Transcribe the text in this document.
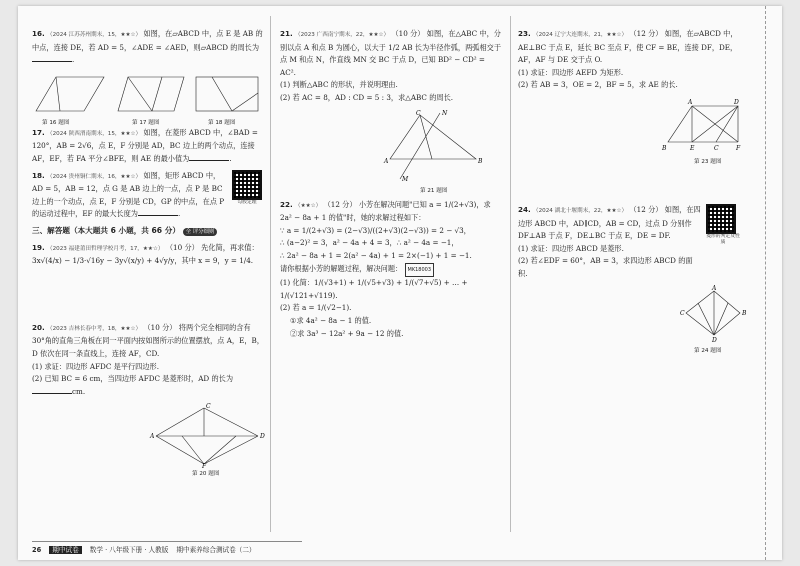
16. （2024 江苏苏州期末，15，★★☆） 如图，在▱ABCD 中，点 E 是 AB 的中点，连接 DE，若 AD = 5，∠ADE = ∠AED，则▱ABCD 的周长为.
第 16 题图	第 17 题图	第 18 题图
17. （2024 陕西渭南期末，15，★★☆） 如图，在菱形 ABCD 中，∠BAD = 120°，AB = 2√6，点 E，F 分别是 AD，BC 边上的两个动点，连接 AF，EF，若 FA 平分∠BFE，则 AE 的最小值为	.
18. （2024 贵州铜仁期末，16，★★☆） 如图，矩形 ABCD 中，AD = 5，AB = 12，点 G 是 AB 边上的一点，点 P 是 BC 边上的一个动点，点 E，F 分别是 CD，GP 的中点，在点 P 的运动过程中，EF 的最大长度为	.
勾股定理
三、解答题（本大题共 6 小题，共 66 分） 全 评分细则
19. （2023 福建莆田哲理学校月考，17，★★☆） （10 分） 先化简，再求值：3x√(4/x) − 1/3·√16y − 3y√(x/y) + 4√y/y，其中 x = 9，y = 1/4.
20. （2023 吉林长春中考，18，★★☆） （10 分） 将两个完全相同的含有 30°角的直角三角板在同一平面内按如图所示的位置摆放，点 A，E，B，D 依次在同一条直线上，连接 AF，CD.
(1) 求证：四边形 AFDC 是平行四边形.
(2) 已知 BC = 6 cm，当四边形 AFDC 是菱形时，AD 的长为cm.
A	D
C
F
第 20 题图
21. （2023 广西南宁期末，22，★★☆） （10 分） 如图，在△ABC 中，分别以点 A 和点 B 为圆心，以大于 1/2 AB 长为半径作弧，两弧相交于点 M 和点 N，作直线 MN 交 BC 于点 D，已知 BD² − CD² = AC².
(1) 判断△ABC 的形状，并说明理由.
(2) 若 AC = 8，AD : CD = 5 : 3，求△ABC 的周长.
C	N
A	B
M
第 21 题图
22. （★★☆） （12 分） 小芳在解决问题"已知 a = 1/(2+√3)，求 2a² − 8a + 1 的值"时，她的求解过程如下：
∵ a = 1/(2+√3) = (2−√3)/((2+√3)(2−√3)) = 2 − √3，
∴ (a−2)² = 3，a² − 4a + 4 = 3，∴ a² − 4a = −1，
∴ 2a² − 8a + 1 = 2(a² − 4a) + 1 = 2×(−1) + 1 = −1.
请你根据小芳的解题过程，解决问题： MK18003
(1) 化简：1/(√3+1) + 1/(√5+√3) + 1/(√7+√5) + … + 1/(√121+√119).
(2) 若 a = 1/(√2−1).
①求 4a² − 8a − 1 的值.
②求 3a³ − 12a² + 9a − 12 的值.
23. （2024 辽宁大连期末，21，★★☆） （12 分） 如图，在▱ABCD 中，AE⊥BC 于点 E，延长 BC 至点 F，使 CF = BE，连接 DF，DE，AF，AF 与 DE 交于点 O.
(1) 求证：四边形 AEFD 为矩形.
(2) 若 AB = 3，OE = 2，BF = 5，求 AE 的长.
A	D
B	E	C	F
第 23 题图
24. （2024 湖北十堰期末，22，★★☆） （12 分） 如图，在四边形 ABCD 中，AD∥CD，AB = CD，过点 D 分别作 DF⊥AB 于点 F，DE⊥BC 于点 E，DE = DF.
(1) 求证：四边形 ABCD 是菱形.
(2) 若∠EDF = 60°，AB = 3，求四边形 ABCD 的面积.
菱形的判定及性质
C
A
B
D
第 24 题图
26 期中试卷 数学 · 八年级下册 · 人教版 期中素养综合测试卷（二）
